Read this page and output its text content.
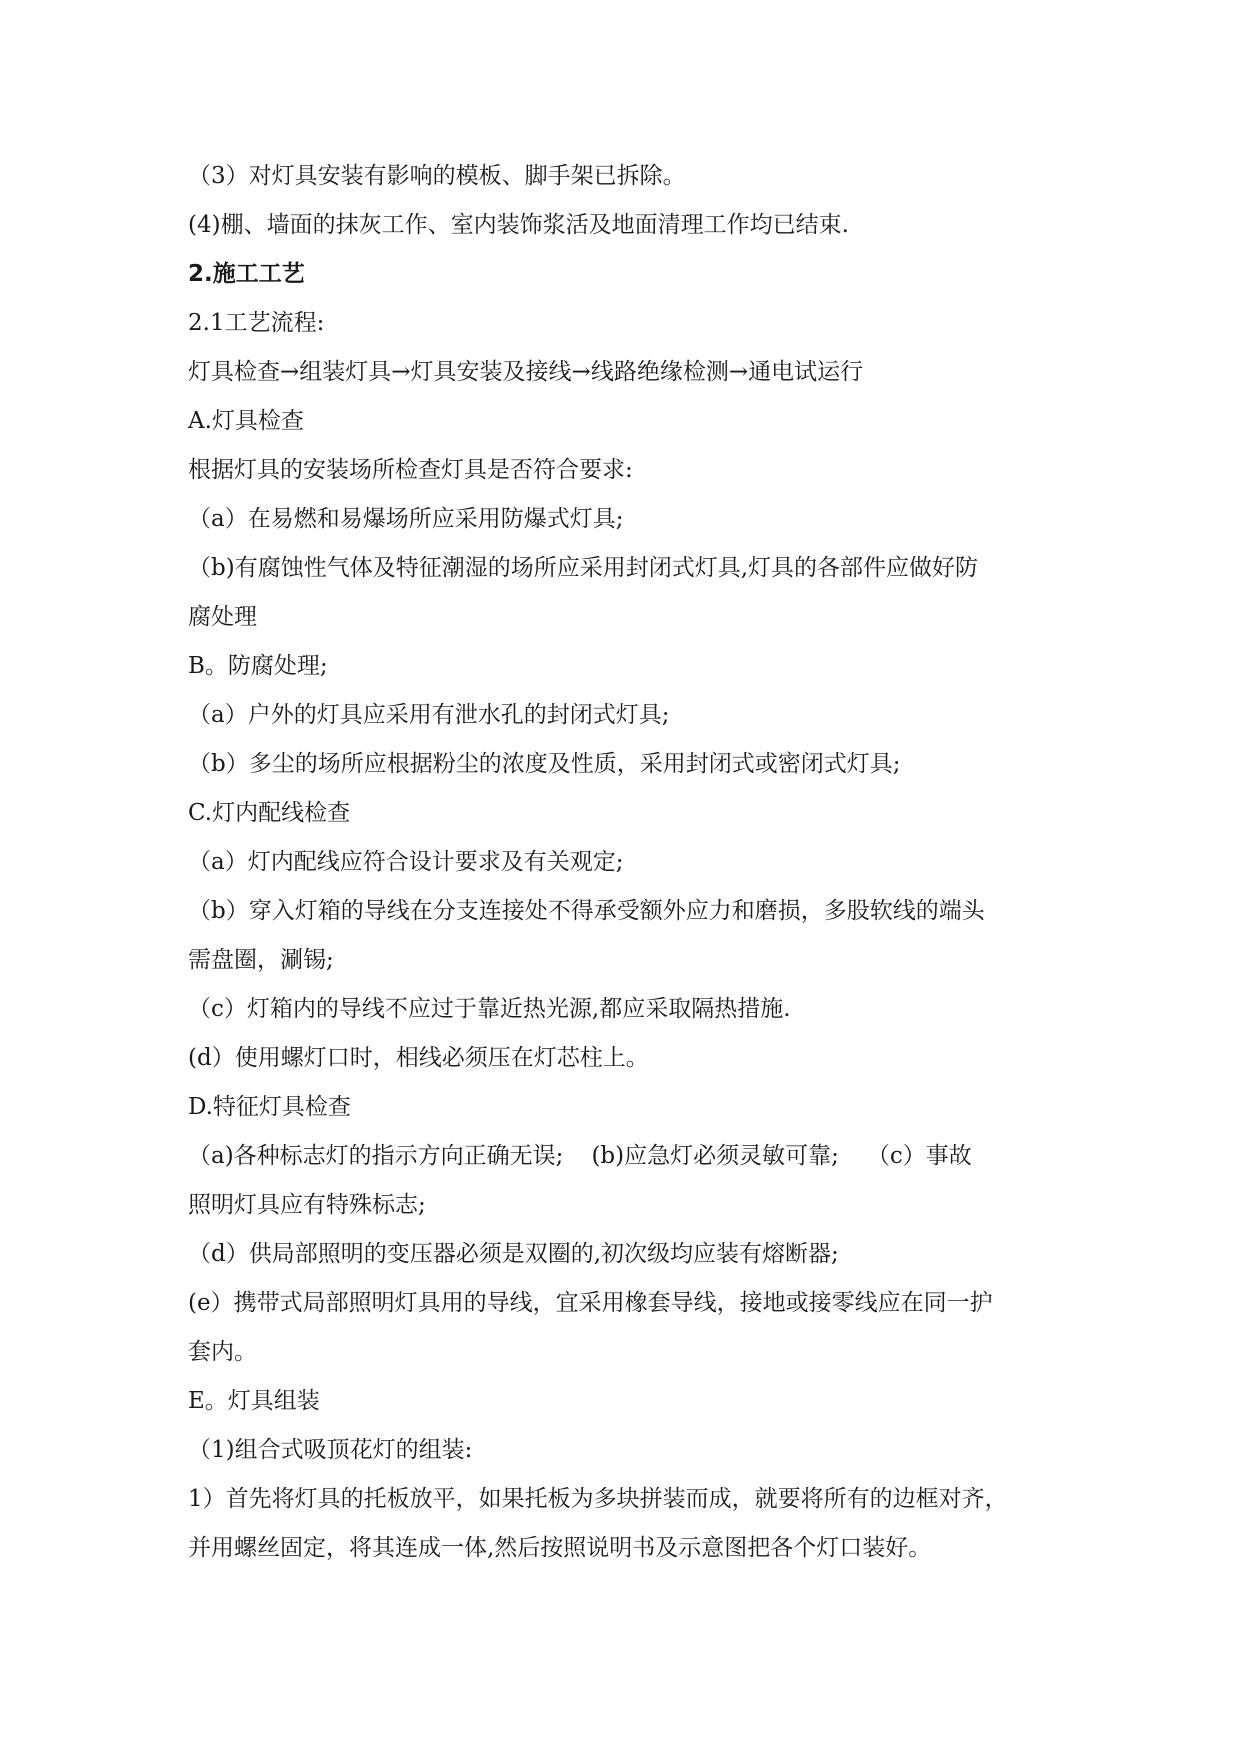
（3）对灯具安装有影响的模板、脚手架已拆除。
(4)棚、墙面的抹灰工作、室内装饰浆活及地面清理工作均已结束.
2.施工工艺
2.1工艺流程:
灯具检查→组装灯具→灯具安装及接线→线路绝缘检测→通电试运行
A.灯具检查
根据灯具的安装场所检查灯具是否符合要求:
（a）在易燃和易爆场所应采用防爆式灯具;
（b)有腐蚀性气体及特征潮湿的场所应采用封闭式灯具,灯具的各部件应做好防
腐处理
B。防腐处理;
（a）户外的灯具应采用有泄水孔的封闭式灯具;
（b）多尘的场所应根据粉尘的浓度及性质，采用封闭式或密闭式灯具;
C.灯内配线检查
（a）灯内配线应符合设计要求及有关观定;
（b）穿入灯箱的导线在分支连接处不得承受额外应力和磨损，多股软线的端头
需盘圈，涮锡;
（c）灯箱内的导线不应过于靠近热光源,都应采取隔热措施.
(d）使用螺灯口时，相线必须压在灯芯柱上。
D.特征灯具检查
（a)各种标志灯的指示方向正确无误; (b)应急灯必须灵敏可靠; （c）事故
照明灯具应有特殊标志;
（d）供局部照明的变压器必须是双圈的,初次级均应装有熔断器;
(e）携带式局部照明灯具用的导线，宜采用橡套导线，接地或接零线应在同一护
套内。
E。灯具组装
（1)组合式吸顶花灯的组装:
1）首先将灯具的托板放平，如果托板为多块拼装而成，就要将所有的边框对齐，
并用螺丝固定，将其连成一体,然后按照说明书及示意图把各个灯口装好。
